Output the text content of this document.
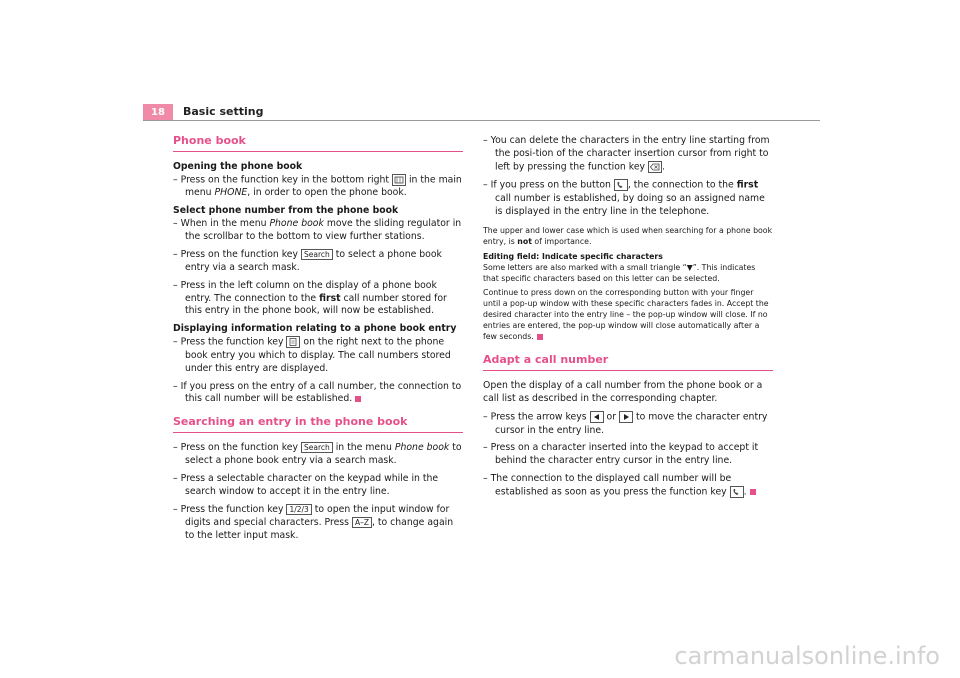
18	Basic setting
Phone book

Opening the phone book

– Press on the function key in the bottom right  in the main menu PHONE, in order to open the phone book.

Select phone number from the phone book

– When in the menu Phone book move the sliding regulator in the scrollbar to the bottom to view further stations.
– Press on the function key Search to select a phone book entry via a search mask.
– Press in the left column on the display of a phone book entry. The connection to the first call number stored for this entry in the phone book, will now be established.

Displaying information relating to a phone book entry

– Press the function key  on the right next to the phone book entry you which to display. The call numbers stored under this entry are displayed.
– If you press on the entry of a call number, the connection to this call number will be established.
Searching an entry in the phone book
– Press on the function key Search in the menu Phone book to select a phone book entry via a search mask.
– Press a selectable character on the keypad while in the search window to accept it in the entry line.
– Press the function key 1/2/3 to open the input window for digits and special characters. Press A–Z , to change again to the letter input mask.
– You can delete the characters in the entry line starting from the posi-tion of the character insertion cursor from right to left by pressing the function key .
– If you press on the button , the connection to the first call number is established, by doing so an assigned name is displayed in the entry line in the telephone.

The upper and lower case which is used when searching for a phone book entry, is not of importance.

Editing field: Indicate specific characters

Some letters are also marked with a small triangle “▼”. This indicates that specific characters based on this letter can be selected.

Continue to press down on the corresponding button with your finger until a pop-up window with these specific characters fades in. Accept the desired character into the entry line – the pop-up window will close. If no entries are entered, the pop-up window will close automatically after a few seconds.

Adapt a call number

Open the display of a call number from the phone book or a call list as described in the corresponding chapter.

– Press the arrow keys  or  to move the character entry cursor in the entry line.
– Press on a character inserted into the keypad to accept it behind the character entry cursor in the entry line.
– The connection to the displayed call number will be established as soon as you press the function key .
carmanualsonline.info
